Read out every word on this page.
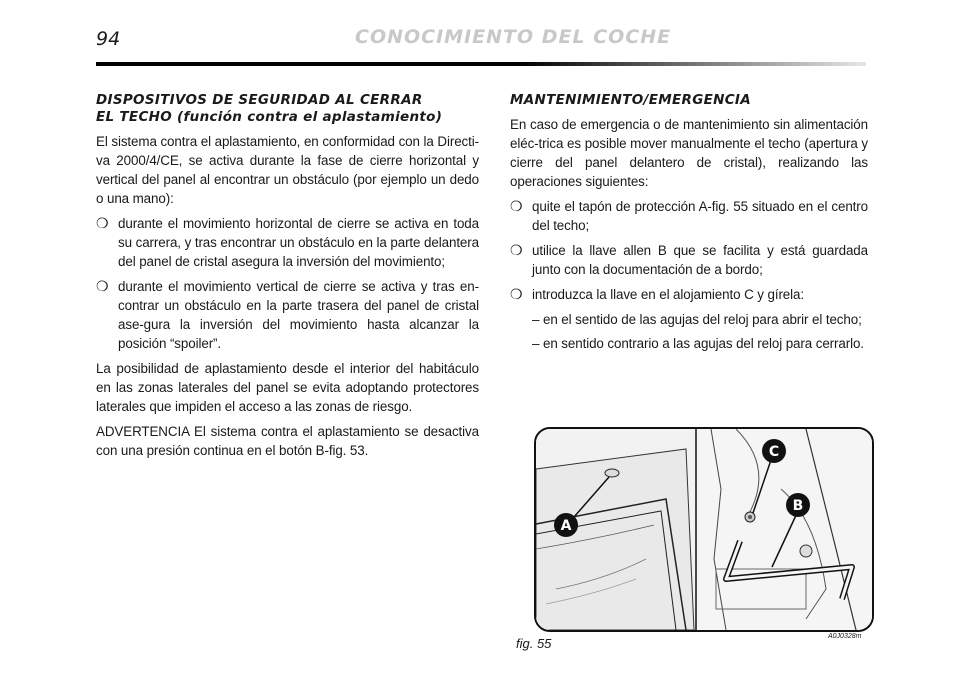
94	CONOCIMIENTO DEL COCHE
DISPOSITIVOS DE SEGURIDAD AL CERRAR
EL TECHO (función contra el aplastamiento)

El sistema contra el aplastamiento, en conformidad con la Directi-va 2000/4/CE, se activa durante la fase de cierre horizontal y vertical del panel al encontrar un obstáculo (por ejemplo un dedo o una mano):

❍ durante el movimiento horizontal de cierre se activa en toda su carrera, y tras encontrar un obstáculo en la parte delantera del panel de cristal asegura la inversión del movimiento;
❍ durante el movimiento vertical de cierre se activa y tras en-contrar un obstáculo en la parte trasera del panel de cristal ase-gura la inversión del movimiento hasta alcanzar la posición “spoiler”.

La posibilidad de aplastamiento desde el interior del habitáculo en las zonas laterales del panel se evita adoptando protectores laterales que impiden el acceso a las zonas de riesgo.

ADVERTENCIA El sistema contra el aplastamiento se desactiva con una presión continua en el botón B-fig. 53.

MANTENIMIENTO/EMERGENCIA

En caso de emergencia o de mantenimiento sin alimentación eléc-trica es posible mover manualmente el techo (apertura y cierre del panel delantero de cristal), realizando las operaciones siguientes:

❍ quite el tapón de protección A-fig. 55 situado en el centro del techo;
❍ utilice la llave allen B que se facilita y está guardada junto con la documentación de a bordo;
❍ introduzca la llave en el alojamiento C y gírela:
– en el sentido de las agujas del reloj para abrir el techo;
– en sentido contrario a las agujas del reloj para cerrarlo.
A
C
B
fig. 55	A0J0328m
